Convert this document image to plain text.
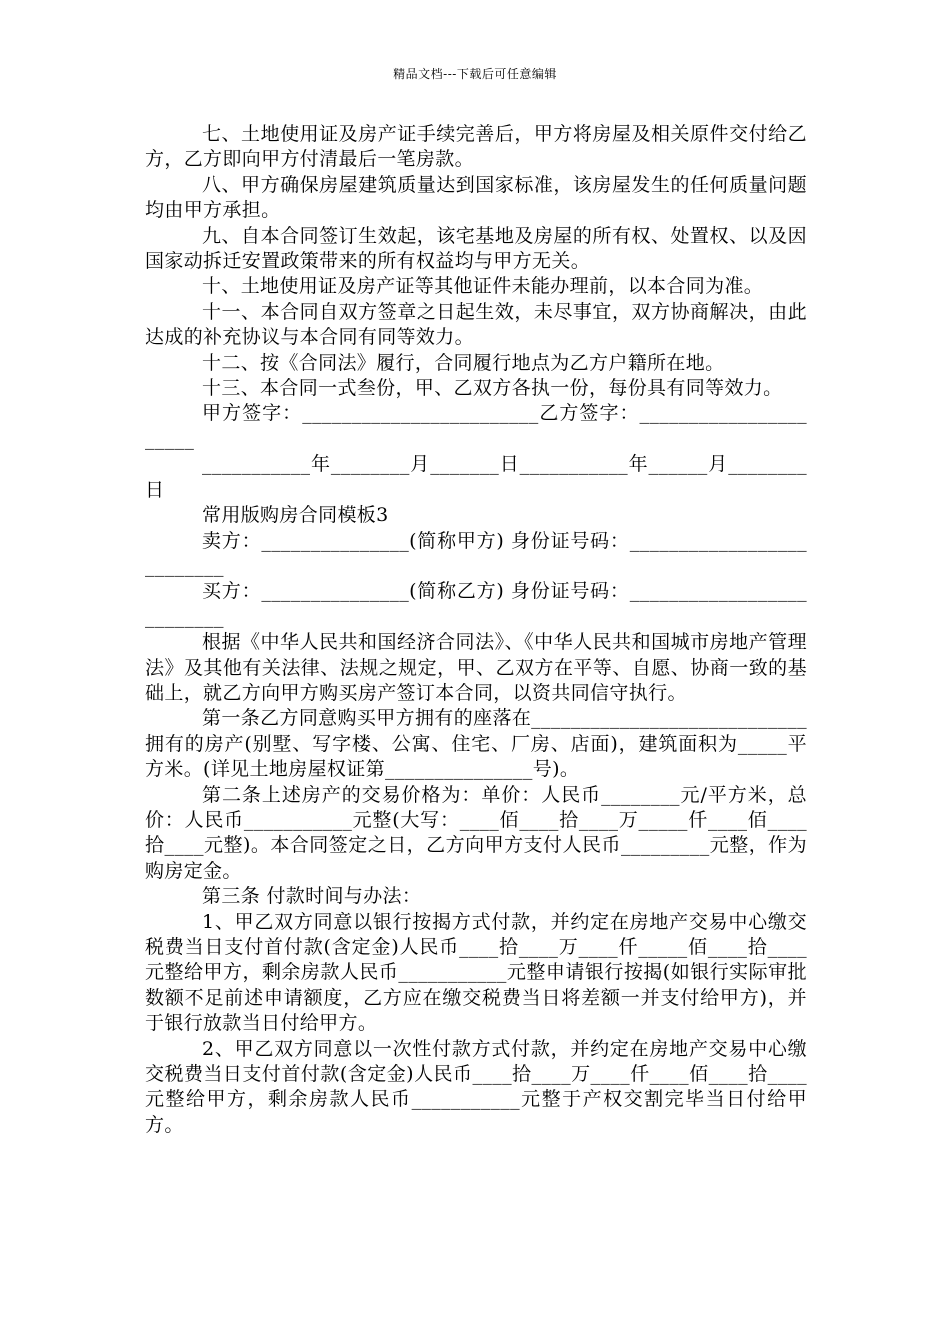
精品文档---下载后可任意编辑

七、土地使用证及房产证手续完善后，甲方将房屋及相关原件交付给乙方，乙方即向甲方付清最后一笔房款。

八、甲方确保房屋建筑质量达到国家标准，该房屋发生的任何质量问题均由甲方承担。

九、自本合同签订生效起，该宅基地及房屋的所有权、处置权、以及因国家动拆迁安置政策带来的所有权益均与甲方无关。

十、土地使用证及房产证等其他证件未能办理前，以本合同为准。

十一、本合同自双方签章之日起生效，未尽事宜，双方协商解决，由此达成的补充协议与本合同有同等效力。

十二、按《合同法》履行，合同履行地点为乙方户籍所在地。

十三、本合同一式叁份，甲、乙双方各执一份，每份具有同等效力。

甲方签字：________________________乙方签字：______________________

___________年________月_______日___________年______月________日

常用版购房合同模板3

卖方：_______________(简称甲方) 身份证号码：__________________________

买方：_______________(简称乙方) 身份证号码：__________________________

根据《中华人民共和国经济合同法》、《中华人民共和国城市房地产管理法》及其他有关法律、法规之规定，甲、乙双方在平等、自愿、协商一致的基础上，就乙方向甲方购买房产签订本合同，以资共同信守执行。

第一条乙方同意购买甲方拥有的座落在____________________________拥有的房产(别墅、写字楼、公寓、住宅、厂房、店面)，建筑面积为_____平方米。(详见土地房屋权证第_______________号)。

第二条上述房产的交易价格为：单价：人民币________元/平方米，总价：人民币___________元整(大写：____佰____拾____万_____仟____佰____拾____元整)。本合同签定之日，乙方向甲方支付人民币_________元整，作为购房定金。

第三条 付款时间与办法：

1、甲乙双方同意以银行按揭方式付款，并约定在房地产交易中心缴交税费当日支付首付款(含定金)人民币____拾____万____仟_____佰____拾____元整给甲方，剩余房款人民币___________元整申请银行按揭(如银行实际审批数额不足前述申请额度，乙方应在缴交税费当日将差额一并支付给甲方)，并于银行放款当日付给甲方。

2、甲乙双方同意以一次性付款方式付款，并约定在房地产交易中心缴交税费当日支付首付款(含定金)人民币____拾____万____仟____佰____拾____元整给甲方，剩余房款人民币___________元整于产权交割完毕当日付给甲方。
